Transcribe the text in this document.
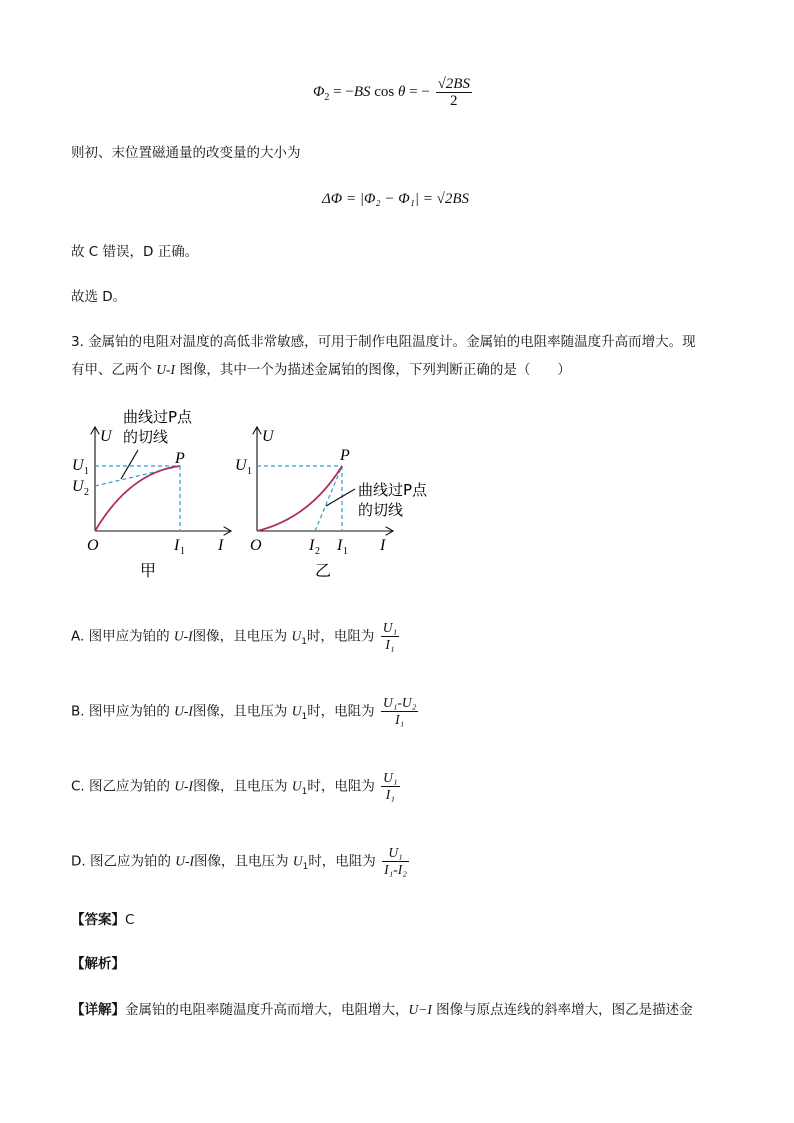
$\Phi_2 = -BS$ cos θ = − $\frac{√2BS}{2}$
则初、末位置磁通量的改变量的大小为
ΔΦ = |Φ₂ − Φ₁| = √2BS
故 C 错误，D 正确。
故选 D。
3. 金属铂的电阻对温度的高低非常敏感，可用于制作电阻温度计。金属铂的电阻率随温度升高而增大。现
有甲、乙两个 U-I 图像，其中一个为描述金属铂的图像，下列判断正确的是（　　）
U
I
O
P
U 1
U 2
I 1
曲线过P点
的切线
甲
U
I
O
P
U 1
I 2 I 1
曲线过P点
的切线
乙
A. 图甲应为铂的 U-I图像，且电压为 $U_1$时，电阻为 $\frac{\text{U₁}}{\text{I₁}}$
B. 图甲应为铂的 U-I图像，且电压为 $U_1$时，电阻为 $\frac{\text{U₁-U₂}}{\text{I₁}}$
C. 图乙应为铂的 U-I图像，且电压为 $U_1$时，电阻为 $\frac{\text{U₁}}{\text{I₁}}$
D. 图乙应为铂的 U-I图像，且电压为 $U_1$时，电阻为 $\frac{\text{U₁}}{\text{I₁-I₂}}$
【答案】C
【解析】
【详解】金属铂的电阻率随温度升高而增大，电阻增大，U−I 图像与原点连线的斜率增大，图乙是描述金
